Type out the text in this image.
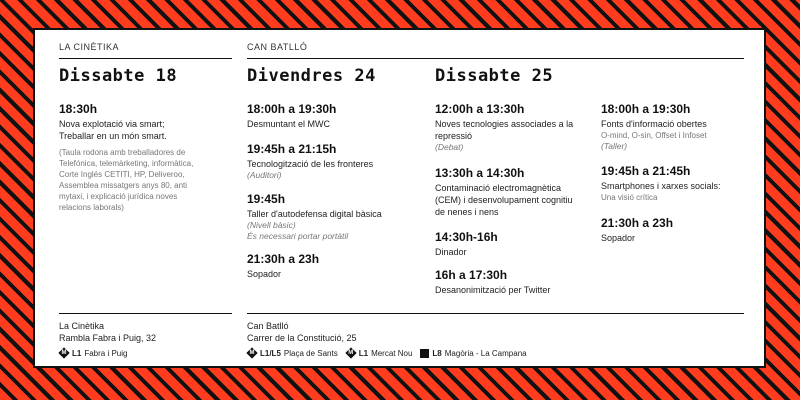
LA CINÈTIKA	CAN BATLLÓ
Dissabte 18	Divendres 24	Dissabte 25
18:30h
Nova explotació via smart;
Treballar en un món smart.
(Taula rodona amb treballadores de
Telefónica, telemàrketing, informàtica,
Corte Inglés CETITI, HP, Deliveroo,
Assemblea missatgers anys 80, anti
mytaxi, i explicació jurídica noves
relacions laborals)
18:00h a 19:30h
Desmuntant el MWC
19:45h a 21:15h
Tecnologització de les fronteres
(Auditori)
19:45h
Taller d'autodefensa digital bàsica
(Nivell bàsic)
És necessari portar portàtil
21:30h a 23h
Sopador
12:00h a 13:30h
Noves tecnologies associades a la
repressió
(Debat)
13:30h a 14:30h
Contaminació electromagnètica
(CEM) i desenvolupament cognitiu
de nenes i nens
14:30h-16h
Dinador
16h a 17:30h
Desanonimització per Twitter
18:00h a 19:30h
Fonts d'informació obertes
O-mind, O-sin, Offset i Infoset
(Taller)
19:45h a 21:45h
Smartphones i xarxes socials:
Una visió crítica
21:30h a 23h
Sopador
La Cinètika
Rambla Fabra i Puig, 32
M
L1 Fabra i Puig
Can Batlló
Carrer de la Constitució, 25
M
L1/L5 Plaça de Sants
M	L1 Mercat Nou	L8 Magòria - La Campana
